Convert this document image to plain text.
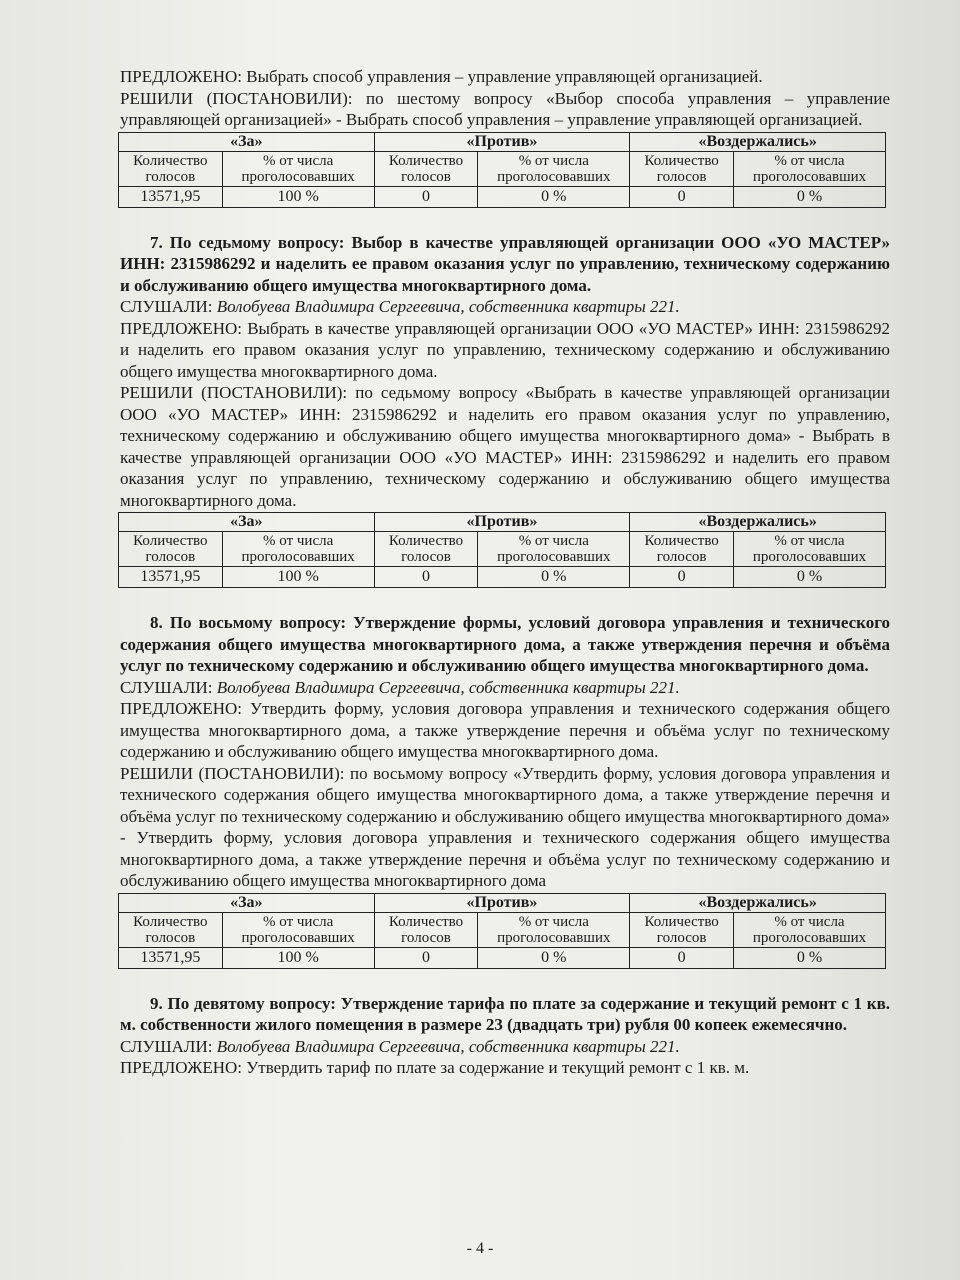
ПРЕДЛОЖЕНО: Выбрать способ управления – управление управляющей организацией.

РЕШИЛИ (ПОСТАНОВИЛИ): по шестому вопросу «Выбор способа управления – управление управляющей организацией» - Выбрать способ управления – управление управляющей организацией.

«За»		«Против»		«Воздержались»	
Количество голосов	% от числа проголосовавших	Количество голосов	% от числа проголосовавших	Количество голосов	% от числа проголосовавших
13571,95	100 %	0	0 %	0	0 %

7. По седьмому вопросу: Выбор в качестве управляющей организации ООО «УО МАСТЕР» ИНН: 2315986292 и наделить ее правом оказания услуг по управлению, техническому содержанию и обслуживанию общего имущества многоквартирного дома.

СЛУШАЛИ: Волобуева Владимира Сергеевича, собственника квартиры 221.

ПРЕДЛОЖЕНО: Выбрать в качестве управляющей организации ООО «УО МАСТЕР» ИНН: 2315986292 и наделить его правом оказания услуг по управлению, техническому содержанию и обслуживанию общего имущества многоквартирного дома.

РЕШИЛИ (ПОСТАНОВИЛИ): по седьмому вопросу «Выбрать в качестве управляющей организации ООО «УО МАСТЕР» ИНН: 2315986292 и наделить его правом оказания услуг по управлению, техническому содержанию и обслуживанию общего имущества многоквартирного дома» - Выбрать в качестве управляющей организации ООО «УО МАСТЕР» ИНН: 2315986292 и наделить его правом оказания услуг по управлению, техническому содержанию и обслуживанию общего имущества многоквартирного дома.

«За»		«Против»		«Воздержались»	
Количество голосов	% от числа проголосовавших	Количество голосов	% от числа проголосовавших	Количество голосов	% от числа проголосовавших
13571,95	100 %	0	0 %	0	0 %

8. По восьмому вопросу: Утверждение формы, условий договора управления и технического содержания общего имущества многоквартирного дома, а также утверждения перечня и объёма услуг по техническому содержанию и обслуживанию общего имущества многоквартирного дома.

СЛУШАЛИ: Волобуева Владимира Сергеевича, собственника квартиры 221.

ПРЕДЛОЖЕНО: Утвердить форму, условия договора управления и технического содержания общего имущества многоквартирного дома, а также утверждение перечня и объёма услуг по техническому содержанию и обслуживанию общего имущества многоквартирного дома.

РЕШИЛИ (ПОСТАНОВИЛИ): по восьмому вопросу «Утвердить форму, условия договора управления и технического содержания общего имущества многоквартирного дома, а также утверждение перечня и объёма услуг по техническому содержанию и обслуживанию общего имущества многоквартирного дома» - Утвердить форму, условия договора управления и технического содержания общего имущества многоквартирного дома, а также утверждение перечня и объёма услуг по техническому содержанию и обслуживанию общего имущества многоквартирного дома

«За»		«Против»		«Воздержались»	
Количество голосов	% от числа проголосовавших	Количество голосов	% от числа проголосовавших	Количество голосов	% от числа проголосовавших
13571,95	100 %	0	0 %	0	0 %

9. По девятому вопросу: Утверждение тарифа по плате за содержание и текущий ремонт с 1 кв. м. собственности жилого помещения в размере 23 (двадцать три) рубля 00 копеек ежемесячно.

СЛУШАЛИ: Волобуева Владимира Сергеевича, собственника квартиры 221.

ПРЕДЛОЖЕНО: Утвердить тариф по плате за содержание и текущий ремонт с 1 кв. м.

- 4 -
